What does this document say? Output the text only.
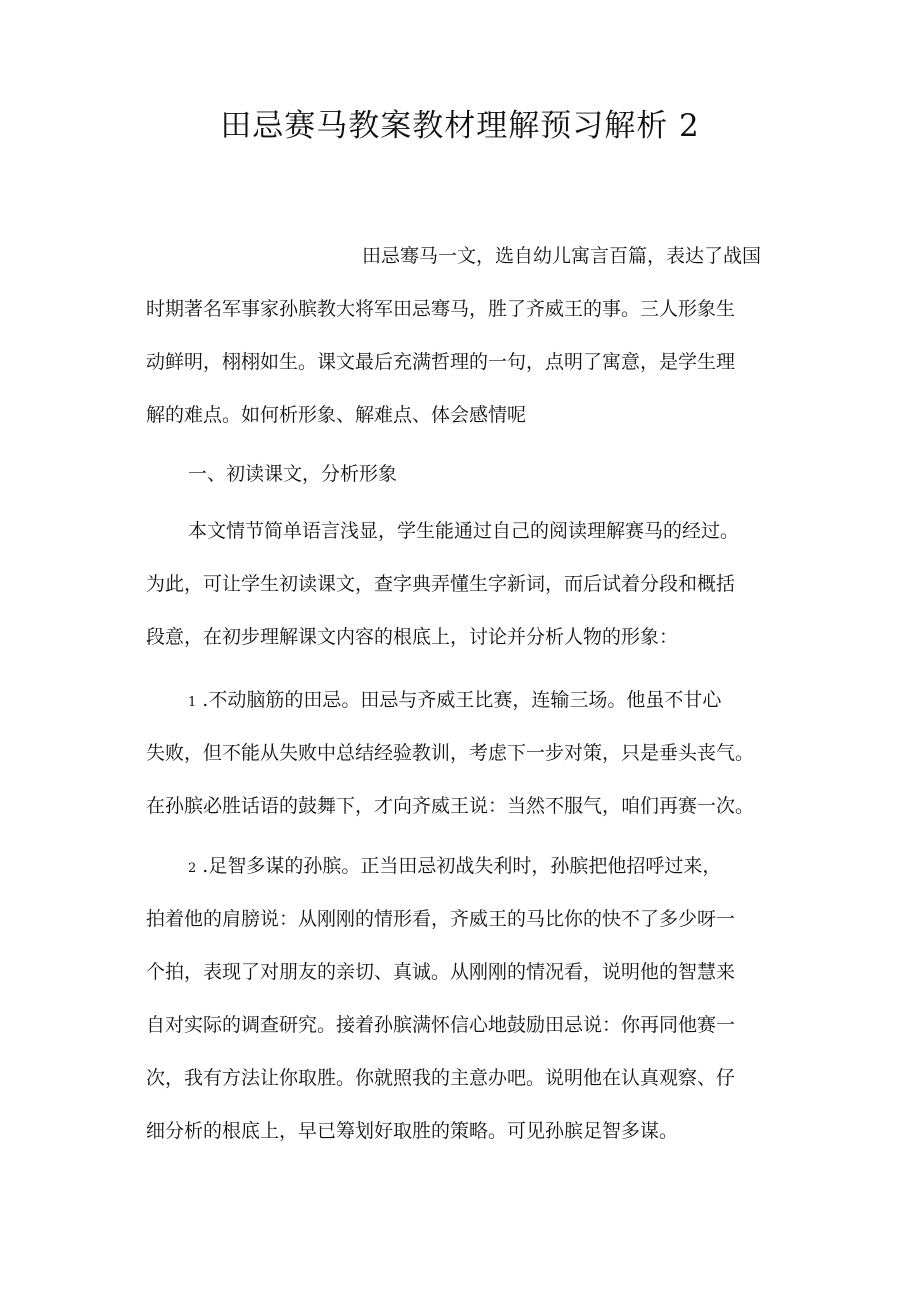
田忌赛马教案教材理解预习解析 2
田忌骞马一文，选自幼儿寓言百篇，表达了战国
时期著名军事家孙膑教大将军田忌骞马，胜了齐威王的事。三人形象生
动鲜明，栩栩如生。课文最后充满哲理的一句，点明了寓意，是学生理
解的难点。如何析形象、解难点、体会感情呢
一、初读课文，分析形象
本文情节简单语言浅显，学生能通过自己的阅读理解赛马的经过。
为此，可让学生初读课文，查字典弄懂生字新词，而后试着分段和概括
段意，在初步理解课文内容的根底上，讨论并分析人物的形象：
1 .不动脑筋的田忌。田忌与齐威王比赛，连输三场。他虽不甘心
失败，但不能从失败中总结经验教训，考虑下一步对策，只是垂头丧气。
在孙膑必胜话语的鼓舞下，才向齐威王说：当然不服气，咱们再赛一次。
2 .足智多谋的孙膑。正当田忌初战失利时，孙膑把他招呼过来，
拍着他的肩膀说：从刚刚的情形看，齐威王的马比你的快不了多少呀一
个拍，表现了对朋友的亲切、真诚。从刚刚的情况看，说明他的智慧来
自对实际的调查研究。接着孙膑满怀信心地鼓励田忌说：你再同他赛一
次，我有方法让你取胜。你就照我的主意办吧。说明他在认真观察、仔
细分析的根底上，早已筹划好取胜的策略。可见孙膑足智多谋。
